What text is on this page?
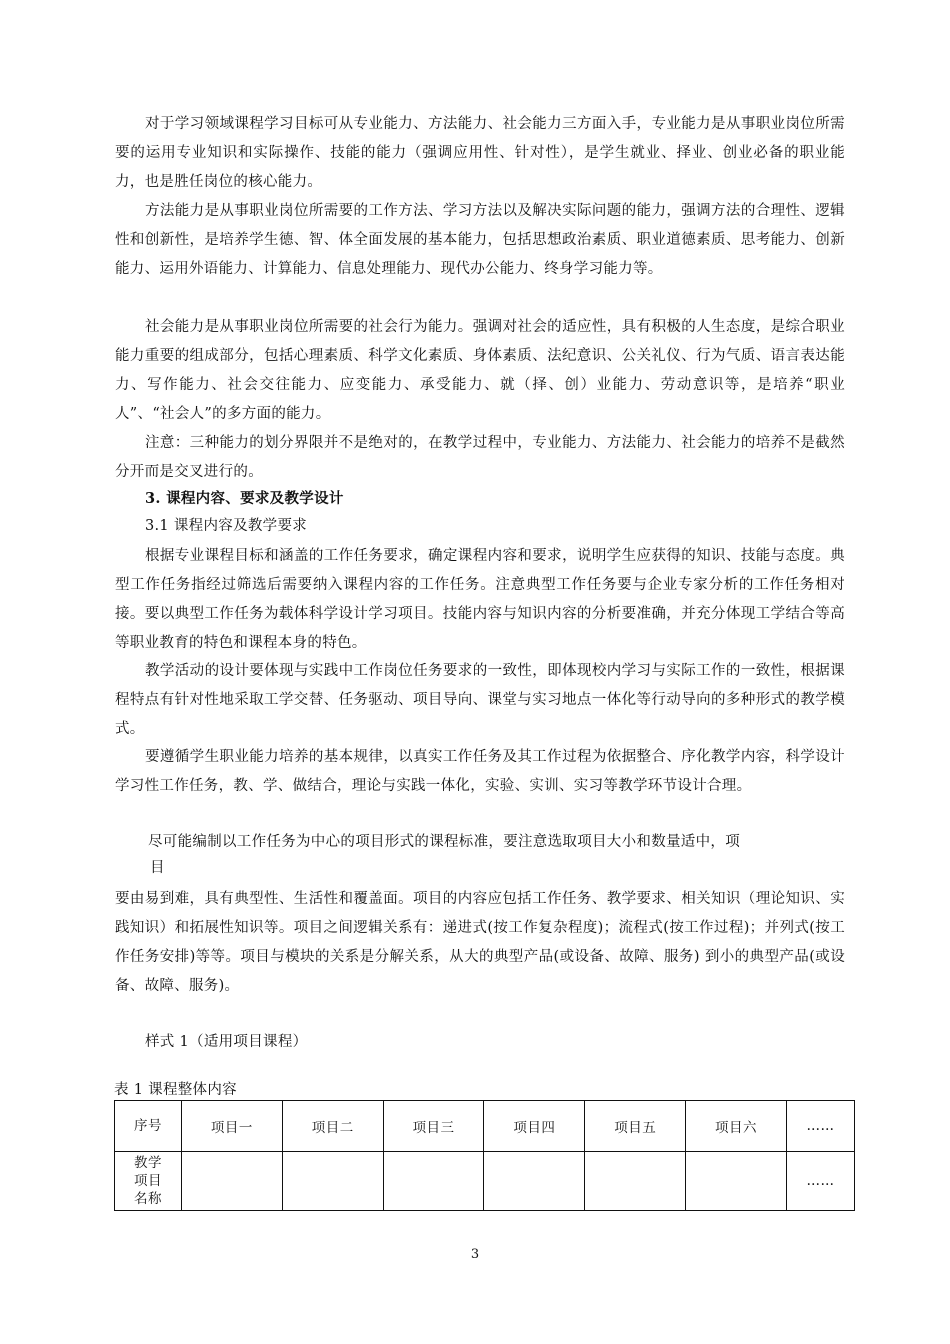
对于学习领域课程学习目标可从专业能力、方法能力、社会能力三方面入手，专业能力是从事职业岗位所需要的运用专业知识和实际操作、技能的能力（强调应用性、针对性），是学生就业、择业、创业必备的职业能力，也是胜任岗位的核心能力。

方法能力是从事职业岗位所需要的工作方法、学习方法以及解决实际问题的能力，强调方法的合理性、逻辑性和创新性，是培养学生德、智、体全面发展的基本能力，包括思想政治素质、职业道德素质、思考能力、创新能力、运用外语能力、计算能力、信息处理能力、现代办公能力、终身学习能力等。

社会能力是从事职业岗位所需要的社会行为能力。强调对社会的适应性，具有积极的人生态度，是综合职业能力重要的组成部分，包括心理素质、科学文化素质、身体素质、法纪意识、公关礼仪、行为气质、语言表达能力、写作能力、社会交往能力、应变能力、承受能力、就（择、创）业能力、劳动意识等，是培养“职业人”、“社会人”的多方面的能力。

注意：三种能力的划分界限并不是绝对的，在教学过程中，专业能力、方法能力、社会能力的培养不是截然分开而是交叉进行的。

3. 课程内容、要求及教学设计

3.1 课程内容及教学要求

根据专业课程目标和涵盖的工作任务要求，确定课程内容和要求，说明学生应获得的知识、技能与态度。典型工作任务指经过筛选后需要纳入课程内容的工作任务。注意典型工作任务要与企业专家分析的工作任务相对接。要以典型工作任务为载体科学设计学习项目。技能内容与知识内容的分析要准确，并充分体现工学结合等高等职业教育的特色和课程本身的特色。

教学活动的设计要体现与实践中工作岗位任务要求的一致性，即体现校内学习与实际工作的一致性，根据课程特点有针对性地采取工学交替、任务驱动、项目导向、课堂与实习地点一体化等行动导向的多种形式的教学模式。

要遵循学生职业能力培养的基本规律，以真实工作任务及其工作过程为依据整合、序化教学内容，科学设计学习性工作任务，教、学、做结合，理论与实践一体化，实验、实训、实习等教学环节设计合理。

尽可能编制以工作任务为中心的项目形式的课程标准，要注意选取项目大小和数量适中，项

目

要由易到难，具有典型性、生活性和覆盖面。项目的内容应包括工作任务、教学要求、相关知识（理论知识、实践知识）和拓展性知识等。项目之间逻辑关系有：递进式(按工作复杂程度)；流程式(按工作过程)；并列式(按工作任务安排)等等。项目与模块的关系是分解关系，从大的典型产品(或设备、故障、服务) 到小的典型产品(或设备、故障、服务)。

样式 1（适用项目课程）

表 1 课程整体内容

序号	项目一	项目二	项目三	项目四	项目五	项目六	……

教学
项目
名称							……
3
